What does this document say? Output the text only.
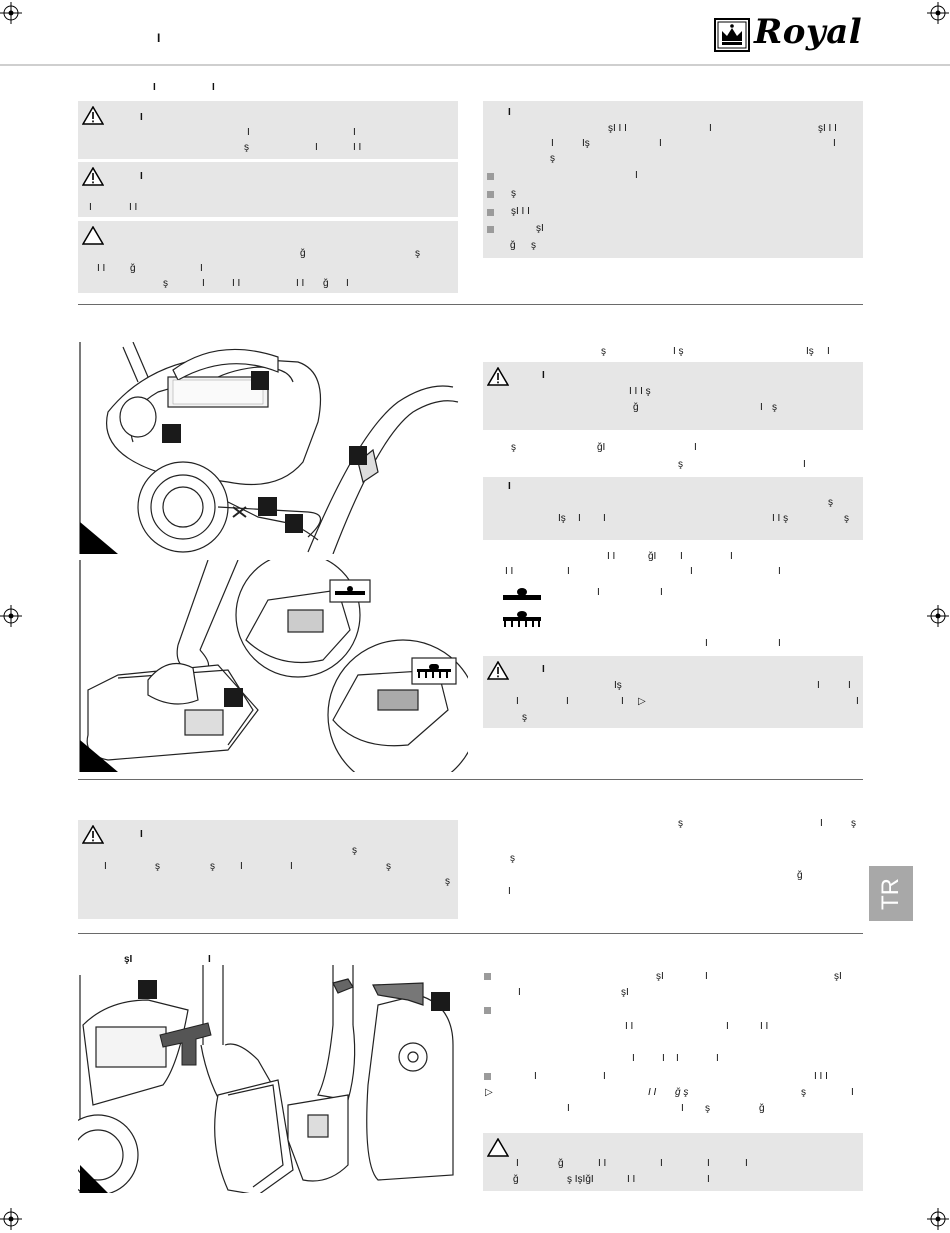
I	Royal
I	I
I
I	I
ş	I	I I
I
I	I I
ğ	ş
I I ğ	I
ş	I	I I	I I ğ I
I
şI I I	I	şI I I
I	Iş	I	I
ş
I
ş
şI I I
şI
ğ ş
ş	I ş	Iş I
I
I I I ş
ğ	I ş
ş	ğI	I
ş	I
I
ş
Iş I I	I I ş	ş
I I	ğI I	I
I I	I	I	I
I	I
I	I
I
Iş	I	I
I	I	I ▷	I
ş
I
ş
I	ş	ş	I	I	ş
ş
ş	I	ş
ş
ğ
I	TR
şI	I
şI	I	şI
I	şI
I I	I	I I
I	I I	I
I	I	I I I
▷	I I ğ ş	ş	I
I	I ş	ğ
I	ğ	I I	I	I	I
ğ	ş IşIğI	I I	I
